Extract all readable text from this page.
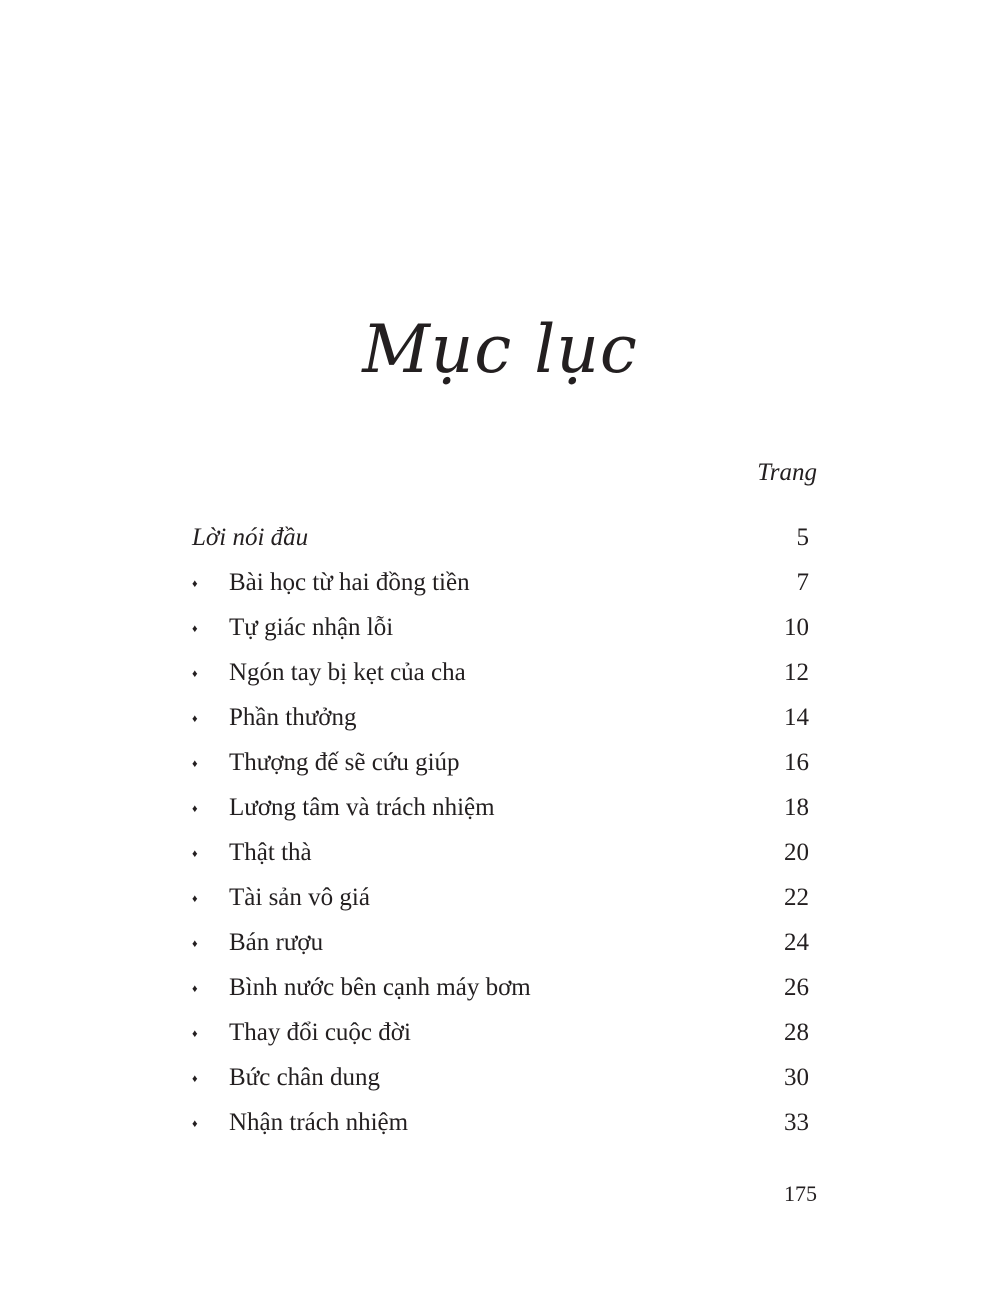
Mục lục
Trang
Lời nói đầu	5
♦	Bài học từ hai đồng tiền	7
♦	Tự giác nhận lỗi	10
♦	Ngón tay bị kẹt của cha	12
♦	Phần thưởng	14
♦	Thượng đế sẽ cứu giúp	16
♦	Lương tâm và trách nhiệm	18
♦	Thật thà	20
♦	Tài sản vô giá	22
♦	Bán rượu	24
♦	Bình nước bên cạnh máy bơm	26
♦	Thay đổi cuộc đời	28
♦	Bức chân dung	30
♦	Nhận trách nhiệm	33
175
